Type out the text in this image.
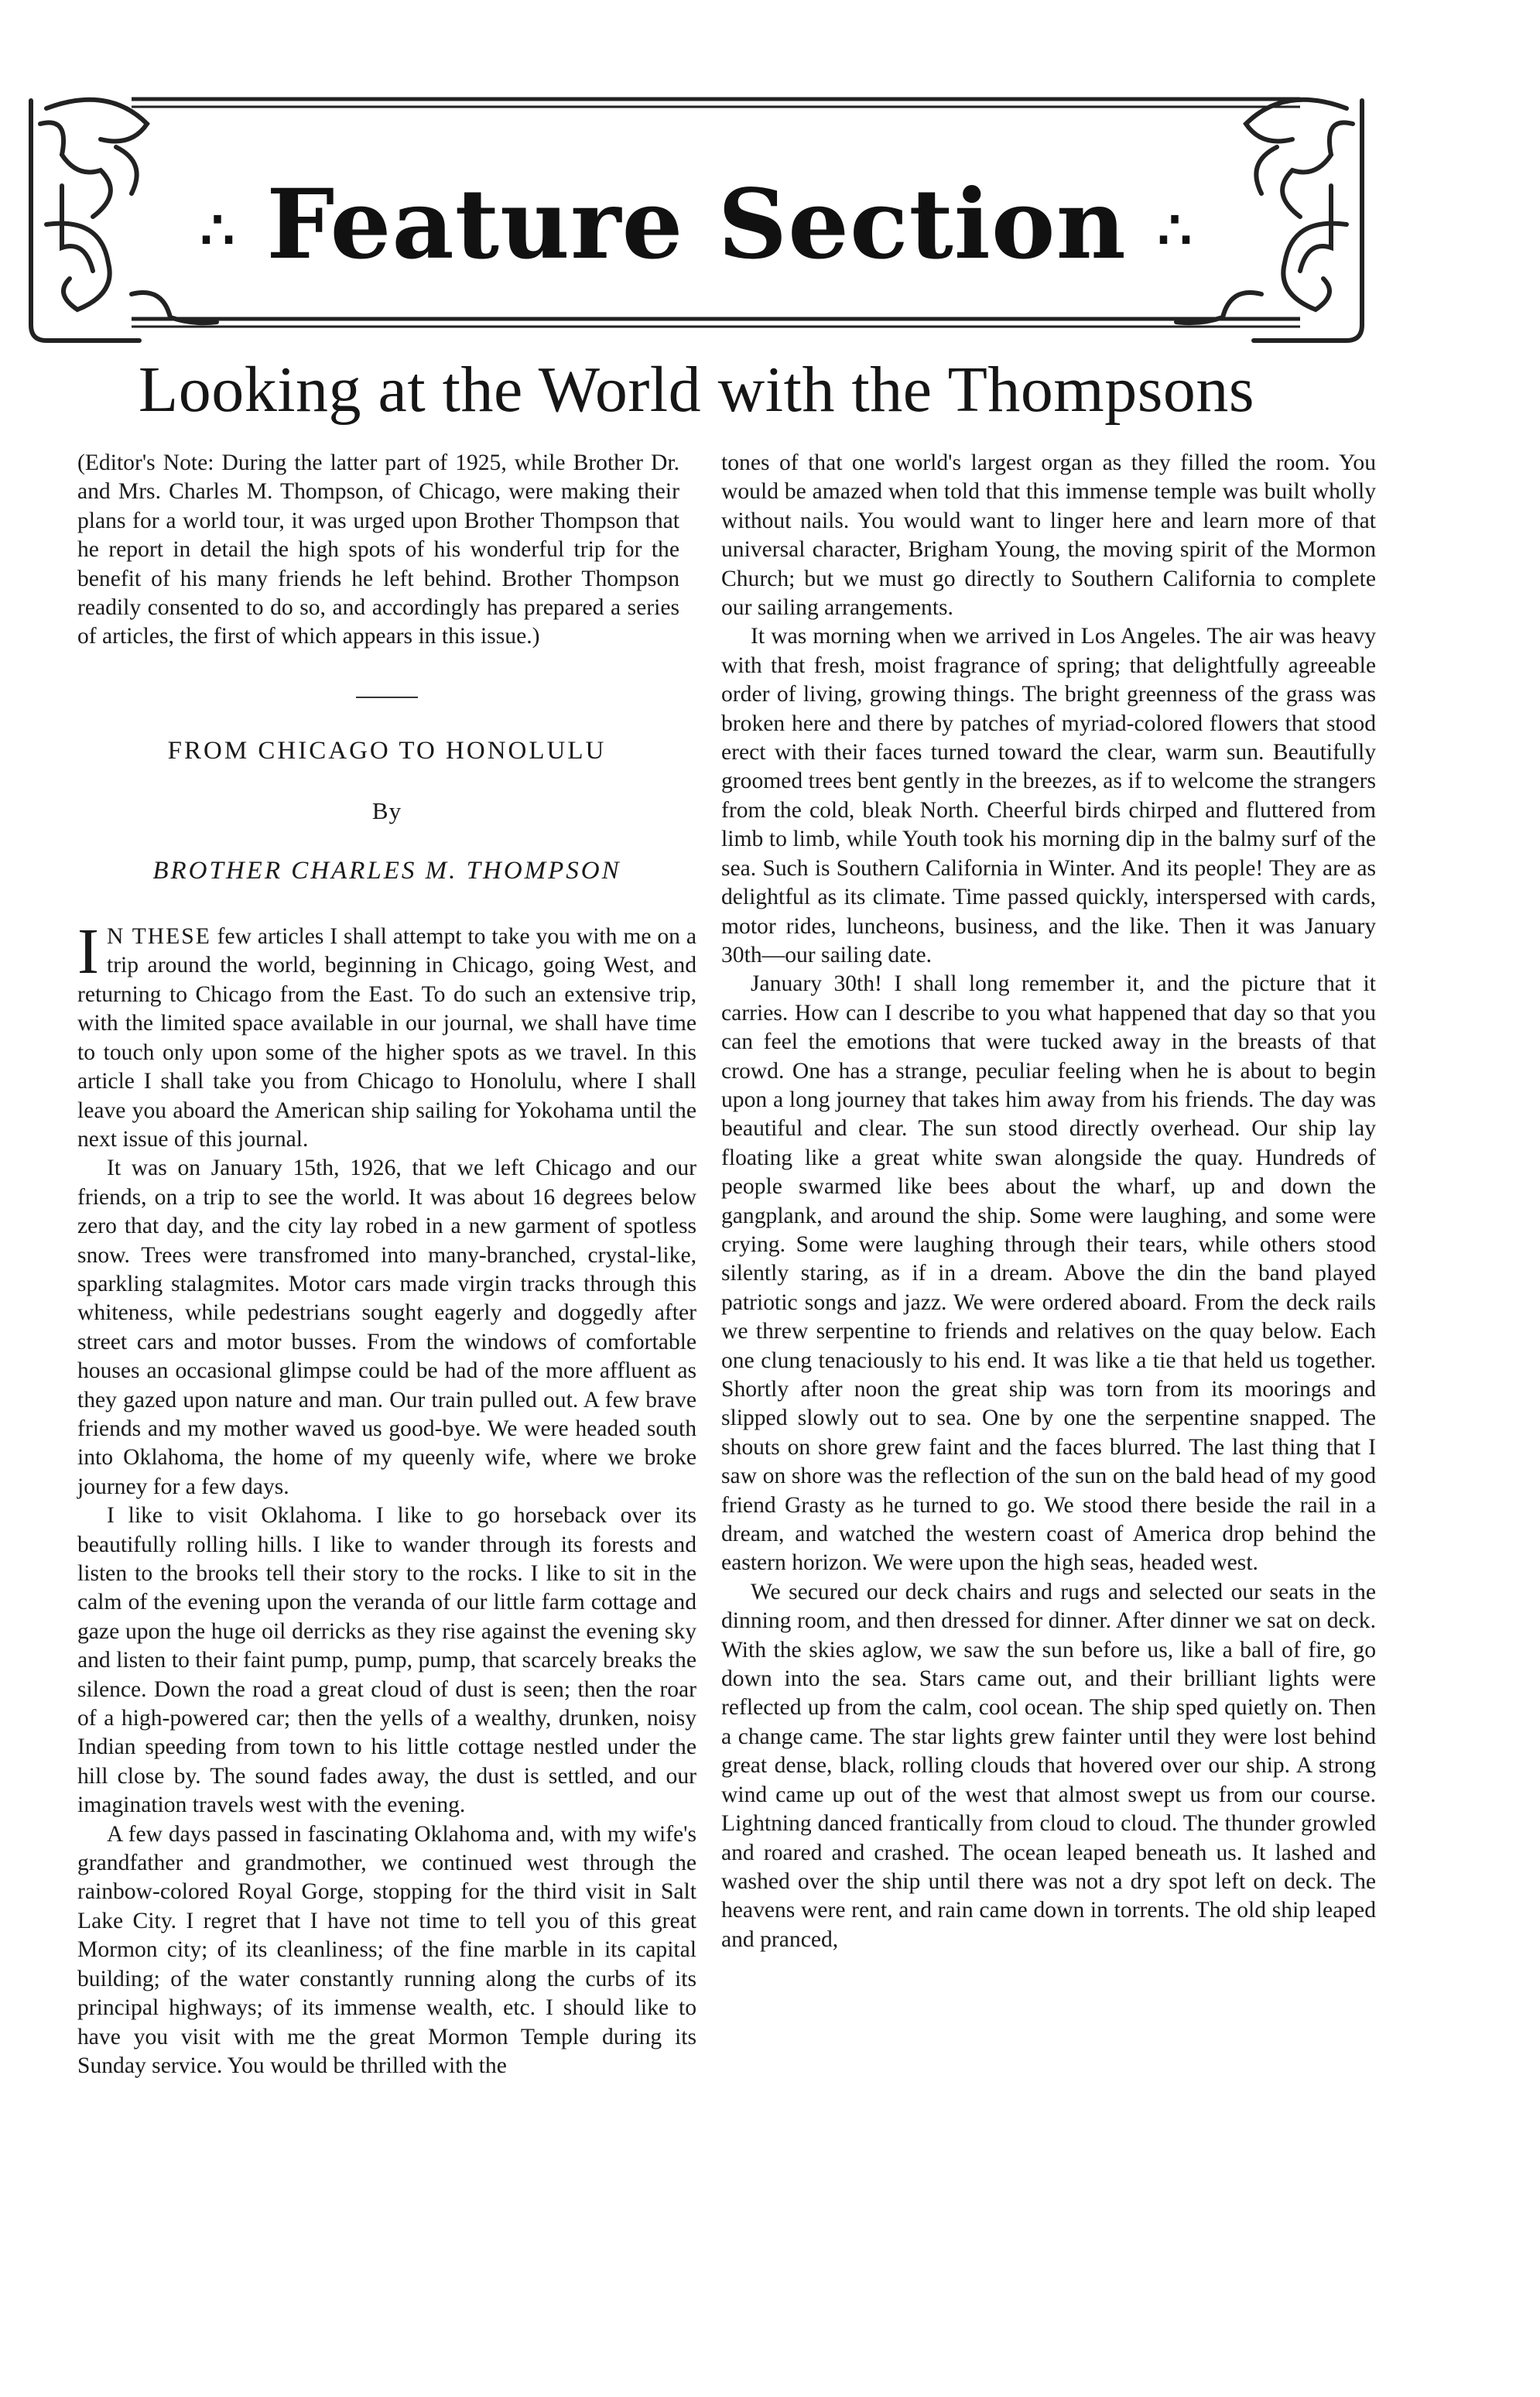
∴ Feature Section ∴
Looking at the World with the Thompsons

(Editor's Note: During the latter part of 1925, while Brother Dr. and Mrs. Charles M. Thompson, of Chicago, were making their plans for a world tour, it was urged upon Brother Thompson that he report in detail the high spots of his wonderful trip for the benefit of his many friends he left behind. Brother Thompson readily consented to do so, and accordingly has prepared a series of articles, the first of which appears in this issue.)

FROM CHICAGO TO HONOLULU
By
BROTHER CHARLES M. THOMPSON

I N THESE few articles I shall attempt to take you with me on a trip around the world, beginning in Chicago, going West, and returning to Chicago from the East. To do such an extensive trip, with the limited space available in our journal, we shall have time to touch only upon some of the higher spots as we travel. In this article I shall take you from Chicago to Honolulu, where I shall leave you aboard the American ship sailing for Yokohama until the next issue of this journal.

It was on January 15th, 1926, that we left Chicago and our friends, on a trip to see the world. It was about 16 degrees below zero that day, and the city lay robed in a new garment of spotless snow. Trees were transfromed into many-branched, crystal-like, sparkling stalagmites. Motor cars made virgin tracks through this whiteness, while pedestrians sought eagerly and doggedly after street cars and motor busses. From the windows of comfortable houses an occasional glimpse could be had of the more affluent as they gazed upon nature and man. Our train pulled out. A few brave friends and my mother waved us good-bye. We were headed south into Oklahoma, the home of my queenly wife, where we broke journey for a few days.

I like to visit Oklahoma. I like to go horseback over its beautifully rolling hills. I like to wander through its forests and listen to the brooks tell their story to the rocks. I like to sit in the calm of the evening upon the veranda of our little farm cottage and gaze upon the huge oil derricks as they rise against the evening sky and listen to their faint pump, pump, pump, that scarcely breaks the silence. Down the road a great cloud of dust is seen; then the roar of a high-powered car; then the yells of a wealthy, drunken, noisy Indian speeding from town to his little cottage nestled under the hill close by. The sound fades away, the dust is settled, and our imagination travels west with the evening.

A few days passed in fascinating Oklahoma and, with my wife's grandfather and grandmother, we continued west through the rainbow-colored Royal Gorge, stopping for the third visit in Salt Lake City. I regret that I have not time to tell you of this great Mormon city; of its cleanliness; of the fine marble in its capital building; of the water constantly running along the curbs of its principal highways; of its immense wealth, etc. I should like to have you visit with me the great Mormon Temple during its Sunday service. You would be thrilled with the

tones of that one world's largest organ as they filled the room. You would be amazed when told that this immense temple was built wholly without nails. You would want to linger here and learn more of that universal character, Brigham Young, the moving spirit of the Mormon Church; but we must go directly to Southern California to complete our sailing arrangements.

It was morning when we arrived in Los Angeles. The air was heavy with that fresh, moist fragrance of spring; that delightfully agreeable order of living, growing things. The bright greenness of the grass was broken here and there by patches of myriad-colored flowers that stood erect with their faces turned toward the clear, warm sun. Beautifully groomed trees bent gently in the breezes, as if to welcome the strangers from the cold, bleak North. Cheerful birds chirped and fluttered from limb to limb, while Youth took his morning dip in the balmy surf of the sea. Such is Southern California in Winter. And its people! They are as delightful as its climate. Time passed quickly, interspersed with cards, motor rides, luncheons, business, and the like. Then it was January 30th—our sailing date.

January 30th! I shall long remember it, and the picture that it carries. How can I describe to you what happened that day so that you can feel the emotions that were tucked away in the breasts of that crowd. One has a strange, peculiar feeling when he is about to begin upon a long journey that takes him away from his friends. The day was beautiful and clear. The sun stood directly overhead. Our ship lay floating like a great white swan alongside the quay. Hundreds of people swarmed like bees about the wharf, up and down the gangplank, and around the ship. Some were laughing, and some were crying. Some were laughing through their tears, while others stood silently staring, as if in a dream. Above the din the band played patriotic songs and jazz. We were ordered aboard. From the deck rails we threw serpentine to friends and relatives on the quay below. Each one clung tenaciously to his end. It was like a tie that held us together. Shortly after noon the great ship was torn from its moorings and slipped slowly out to sea. One by one the serpentine snapped. The shouts on shore grew faint and the faces blurred. The last thing that I saw on shore was the reflection of the sun on the bald head of my good friend Grasty as he turned to go. We stood there beside the rail in a dream, and watched the western coast of America drop behind the eastern horizon. We were upon the high seas, headed west.

We secured our deck chairs and rugs and selected our seats in the dinning room, and then dressed for dinner. After dinner we sat on deck. With the skies aglow, we saw the sun before us, like a ball of fire, go down into the sea. Stars came out, and their brilliant lights were reflected up from the calm, cool ocean. The ship sped quietly on. Then a change came. The star lights grew fainter until they were lost behind great dense, black, rolling clouds that hovered over our ship. A strong wind came up out of the west that almost swept us from our course. Lightning danced frantically from cloud to cloud. The thunder growled and roared and crashed. The ocean leaped beneath us. It lashed and washed over the ship until there was not a dry spot left on deck. The heavens were rent, and rain came down in torrents. The old ship leaped and pranced,
